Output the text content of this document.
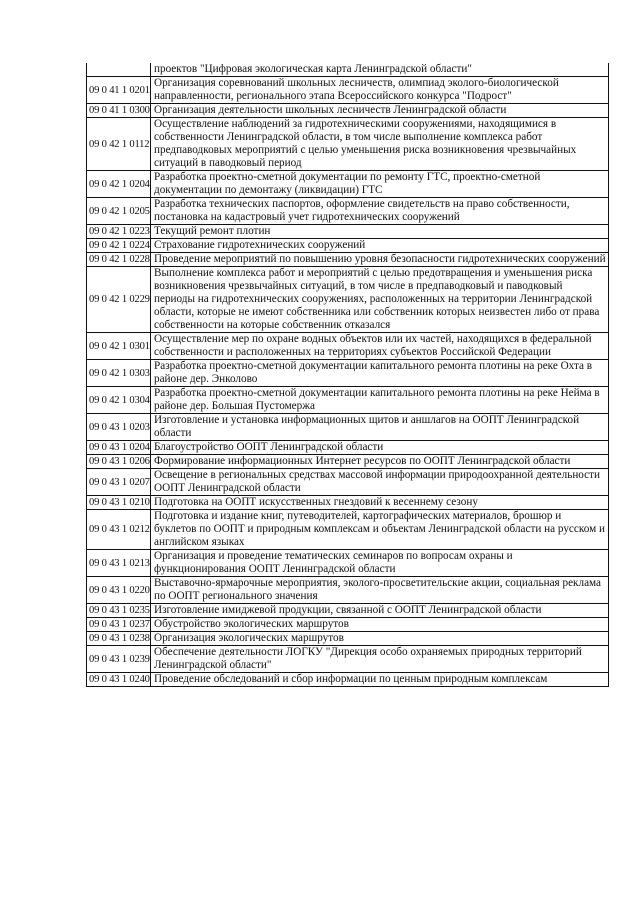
	проектов "Цифровая экологическая карта Ленинградской области"
09 0 41 1 0201	Организация соревнований школьных лесничеств, олимпиад эколого-биологической направленности, регионального этапа Всероссийского конкурса "Подрост"
09 0 41 1 0300	Организация деятельности школьных лесничеств Ленинградской области
09 0 42 1 0112	Осуществление наблюдений за гидротехническими сооружениями, находящимися в собственности Ленинградской области, в том числе выполнение комплекса работ предпаводковых мероприятий с целью уменьшения риска возникновения чрезвычайных ситуаций в паводковый период
09 0 42 1 0204	Разработка проектно-сметной документации по ремонту ГТС, проектно-сметной документации по демонтажу (ликвидации) ГТС
09 0 42 1 0205	Разработка технических паспортов, оформление свидетельств на право собственности, постановка на кадастровый учет гидротехнических сооружений
09 0 42 1 0223	Текущий ремонт плотин
09 0 42 1 0224	Страхование гидротехнических сооружений
09 0 42 1 0228	Проведение мероприятий по повышению уровня безопасности гидротехнических сооружений
09 0 42 1 0229	Выполнение комплекса работ и мероприятий с целью предотвращения и уменьшения риска возникновения чрезвычайных ситуаций, в том числе в предпаводковый и паводковый периоды на гидротехнических сооружениях, расположенных на территории Ленинградской области, которые не имеют собственника или собственник которых неизвестен либо от права собственности на которые собственник отказался
09 0 42 1 0301	Осуществление мер по охране водных объектов или их частей, находящихся в федеральной собственности и расположенных на территориях субъектов Российской Федерации
09 0 42 1 0303	Разработка проектно-сметной документации капитального ремонта плотины на реке Охта в районе дер. Энколово
09 0 42 1 0304	Разработка проектно-сметной документации капитального ремонта плотины на реке Нейма в районе дер. Большая Пустомержа
09 0 43 1 0203	Изготовление и установка информационных щитов и аншлагов на ООПТ Ленинградской области
09 0 43 1 0204	Благоустройство ООПТ Ленинградской области
09 0 43 1 0206	Формирование информационных Интернет ресурсов по ООПТ Ленинградской области
09 0 43 1 0207	Освещение в региональных средствах массовой информации природоохранной деятельности ООПТ Ленинградской области
09 0 43 1 0210	Подготовка на ООПТ искусственных гнездовий к весеннему сезону
09 0 43 1 0212	Подготовка и издание книг, путеводителей, картографических материалов, брошюр и буклетов по ООПТ и природным комплексам и объектам Ленинградской области на русском и английском языках
09 0 43 1 0213	Организация и проведение тематических семинаров по вопросам охраны и функционирования ООПТ Ленинградской области
09 0 43 1 0220	Выставочно-ярмарочные мероприятия, эколого-просветительские акции, социальная реклама по ООПТ регионального значения
09 0 43 1 0235	Изготовление имиджевой продукции, связанной с ООПТ Ленинградской области
09 0 43 1 0237	Обустройство экологических маршрутов
09 0 43 1 0238	Организация экологических маршрутов
09 0 43 1 0239	Обеспечение деятельности ЛОГКУ "Дирекция особо охраняемых природных территорий Ленинградской области"
09 0 43 1 0240	Проведение обследований и сбор информации по ценным природным комплексам
